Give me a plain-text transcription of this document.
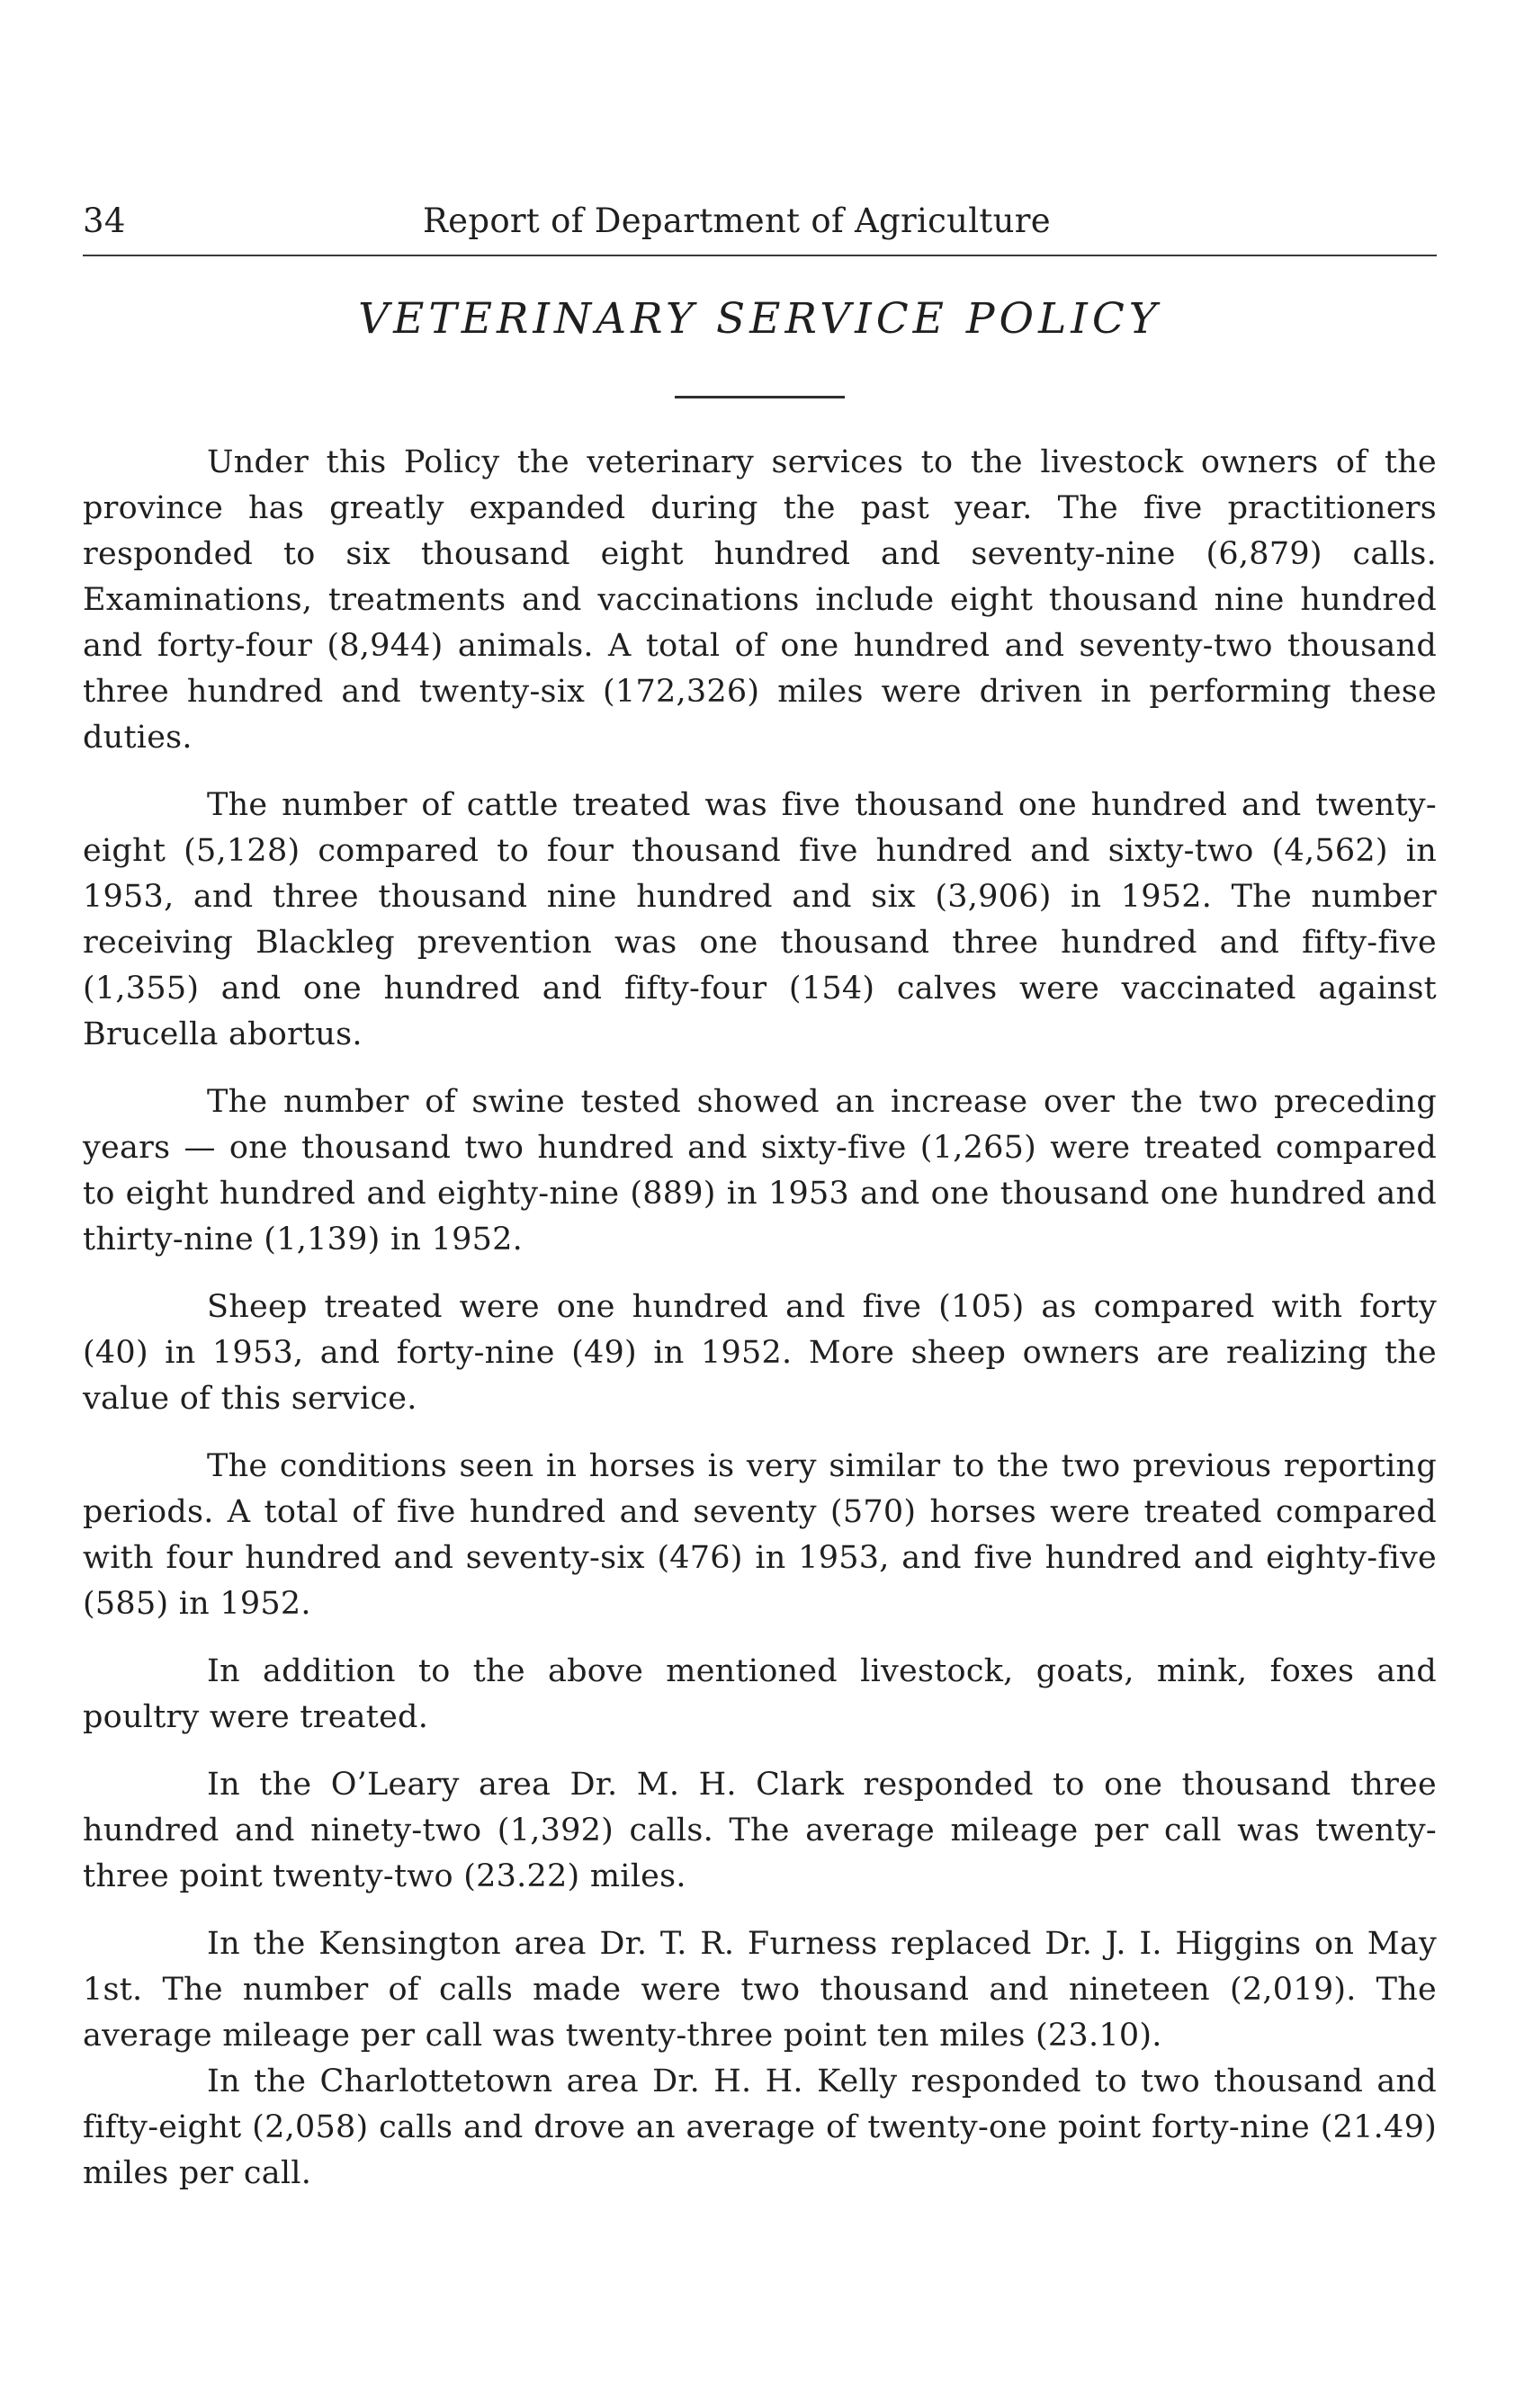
34	Report of Department of Agriculture
VETERINARY SERVICE POLICY

Under this Policy the veterinary services to the livestock owners of the province has greatly expanded during the past year. The five practitioners responded to six thousand eight hundred and seventy-nine (6,879) calls. Examinations, treatments and vaccinations include eight thousand nine hundred and forty-four (8,944) animals. A total of one hundred and seventy-two thousand three hundred and twenty-six (172,326) miles were driven in performing these duties.

The number of cattle treated was five thousand one hundred and twenty-eight (5,128) compared to four thousand five hundred and sixty-two (4,562) in 1953, and three thousand nine hundred and six (3,906) in 1952. The number receiving Blackleg prevention was one thousand three hundred and fifty-five (1,355) and one hundred and fifty-four (154) calves were vaccinated against Brucella abortus.

The number of swine tested showed an increase over the two preceding years — one thousand two hundred and sixty-five (1,265) were treated compared to eight hundred and eighty-nine (889) in 1953 and one thousand one hundred and thirty-nine (1,139) in 1952.

Sheep treated were one hundred and five (105) as compared with forty (40) in 1953, and forty-nine (49) in 1952. More sheep owners are realizing the value of this service.

The conditions seen in horses is very similar to the two previous reporting periods. A total of five hundred and seventy (570) horses were treated compared with four hundred and seventy-six (476) in 1953, and five hundred and eighty-five (585) in 1952.

In addition to the above mentioned livestock, goats, mink, foxes and poultry were treated.

In the O’Leary area Dr. M. H. Clark responded to one thousand three hundred and ninety-two (1,392) calls. The average mileage per call was twenty-three point twenty-two (23.22) miles.

In the Kensington area Dr. T. R. Furness replaced Dr. J. I. Higgins on May 1st. The number of calls made were two thousand and nineteen (2,019). The average mileage per call was twenty-three point ten miles (23.10).

In the Charlottetown area Dr. H. H. Kelly responded to two thousand and fifty-eight (2,058) calls and drove an average of twenty-one point forty-nine (21.49) miles per call.
